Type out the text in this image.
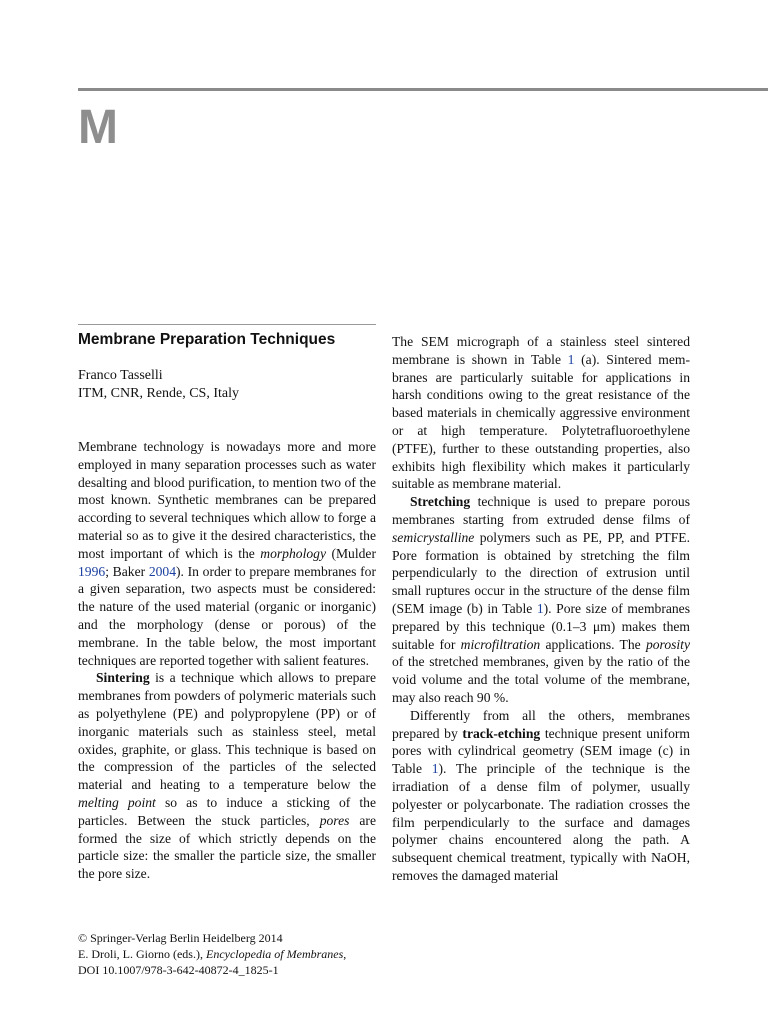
M
Membrane Preparation Techniques
Franco Tasselli
ITM, CNR, Rende, CS, Italy

Membrane technology is nowadays more and more employed in many separation processes such as water desalting and blood purification, to mention two of the most known. Synthetic membranes can be prepared according to several techniques which allow to forge a material so as to give it the desired characteristics, the most important of which is the morphology (Mulder 1996; Baker 2004). In order to prepare membranes for a given separation, two aspects must be considered: the nature of the used material (organic or inorganic) and the morphology (dense or porous) of the membrane. In the table below, the most important techniques are reported together with salient features.

Sintering is a technique which allows to prepare membranes from powders of polymeric materials such as polyethylene (PE) and polypropylene (PP) or of inorganic materials such as stainless steel, metal oxides, graphite, or glass. This technique is based on the compression of the particles of the selected material and heating to a temperature below the melting point so as to induce a sticking of the particles. Between the stuck particles, pores are formed the size of which strictly depends on the particle size: the smaller the particle size, the smaller the pore size.

The SEM micrograph of a stainless steel sintered membrane is shown in Table 1 (a). Sintered membranes are particularly suitable for applications in harsh conditions owing to the great resistance of the based materials in chemically aggressive environment or at high temperature. Polytetrafluoroethylene (PTFE), further to these outstanding properties, also exhibits high flexibility which makes it particularly suitable as membrane material.

Stretching technique is used to prepare porous membranes starting from extruded dense films of semicrystalline polymers such as PE, PP, and PTFE. Pore formation is obtained by stretching the film perpendicularly to the direction of extrusion until small ruptures occur in the structure of the dense film (SEM image (b) in Table 1). Pore size of membranes prepared by this technique (0.1–3 μm) makes them suitable for microfiltration applications. The porosity of the stretched membranes, given by the ratio of the void volume and the total volume of the membrane, may also reach 90 %.

Differently from all the others, membranes prepared by track-etching technique present uniform pores with cylindrical geometry (SEM image (c) in Table 1). The principle of the technique is the irradiation of a dense film of polymer, usually polyester or polycarbonate. The radiation crosses the film perpendicularly to the surface and damages polymer chains encountered along the path. A subsequent chemical treatment, typically with NaOH, removes the damaged material

© Springer-Verlag Berlin Heidelberg 2014
E. Droli, L. Giorno (eds.), Encyclopedia of Membranes,
DOI 10.1007/978-3-642-40872-4_1825-1
